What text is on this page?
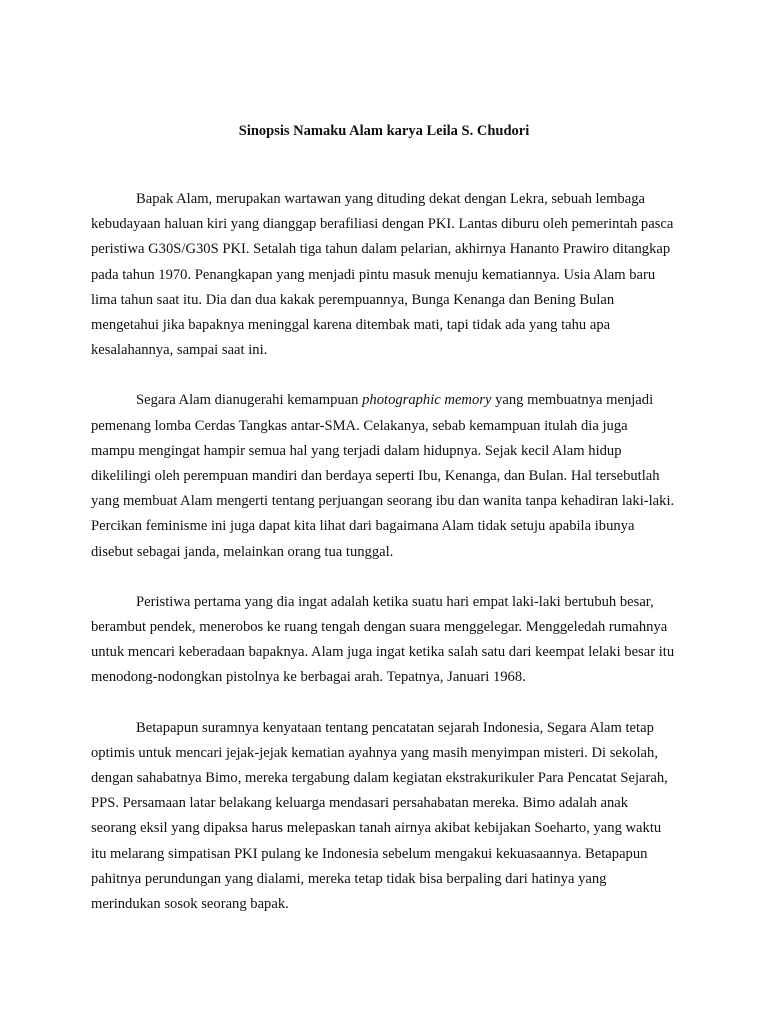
Sinopsis Namaku Alam karya Leila S. Chudori

Bapak Alam, merupakan wartawan yang dituding dekat dengan Lekra, sebuah lembaga kebudayaan haluan kiri yang dianggap berafiliasi dengan PKI. Lantas diburu oleh pemerintah pasca peristiwa G30S/G30S PKI. Setalah tiga tahun dalam pelarian, akhirnya Hananto Prawiro ditangkap pada tahun 1970. Penangkapan yang menjadi pintu masuk menuju kematiannya. Usia Alam baru lima tahun saat itu. Dia dan dua kakak perempuannya, Bunga Kenanga dan Bening Bulan mengetahui jika bapaknya meninggal karena ditembak mati, tapi tidak ada yang tahu apa kesalahannya, sampai saat ini.

Segara Alam dianugerahi kemampuan photographic memory yang membuatnya menjadi pemenang lomba Cerdas Tangkas antar-SMA. Celakanya, sebab kemampuan itulah dia juga mampu mengingat hampir semua hal yang terjadi dalam hidupnya. Sejak kecil Alam hidup dikelilingi oleh perempuan mandiri dan berdaya seperti Ibu, Kenanga, dan Bulan. Hal tersebutlah yang membuat Alam mengerti tentang perjuangan seorang ibu dan wanita tanpa kehadiran laki-laki. Percikan feminisme ini juga dapat kita lihat dari bagaimana Alam tidak setuju apabila ibunya disebut sebagai janda, melainkan orang tua tunggal.

Peristiwa pertama yang dia ingat adalah ketika suatu hari empat laki-laki bertubuh besar, berambut pendek, menerobos ke ruang tengah dengan suara menggelegar. Menggeledah rumahnya untuk mencari keberadaan bapaknya. Alam juga ingat ketika salah satu dari keempat lelaki besar itu menodong-nodongkan pistolnya ke berbagai arah. Tepatnya, Januari 1968.

Betapapun suramnya kenyataan tentang pencatatan sejarah Indonesia, Segara Alam tetap optimis untuk mencari jejak-jejak kematian ayahnya yang masih menyimpan misteri. Di sekolah, dengan sahabatnya Bimo, mereka tergabung dalam kegiatan ekstrakurikuler Para Pencatat Sejarah, PPS. Persamaan latar belakang keluarga mendasari persahabatan mereka. Bimo adalah anak seorang eksil yang dipaksa harus melepaskan tanah airnya akibat kebijakan Soeharto, yang waktu itu melarang simpatisan PKI pulang ke Indonesia sebelum mengakui kekuasaannya. Betapapun pahitnya perundungan yang dialami, mereka tetap tidak bisa berpaling dari hatinya yang merindukan sosok seorang bapak.
